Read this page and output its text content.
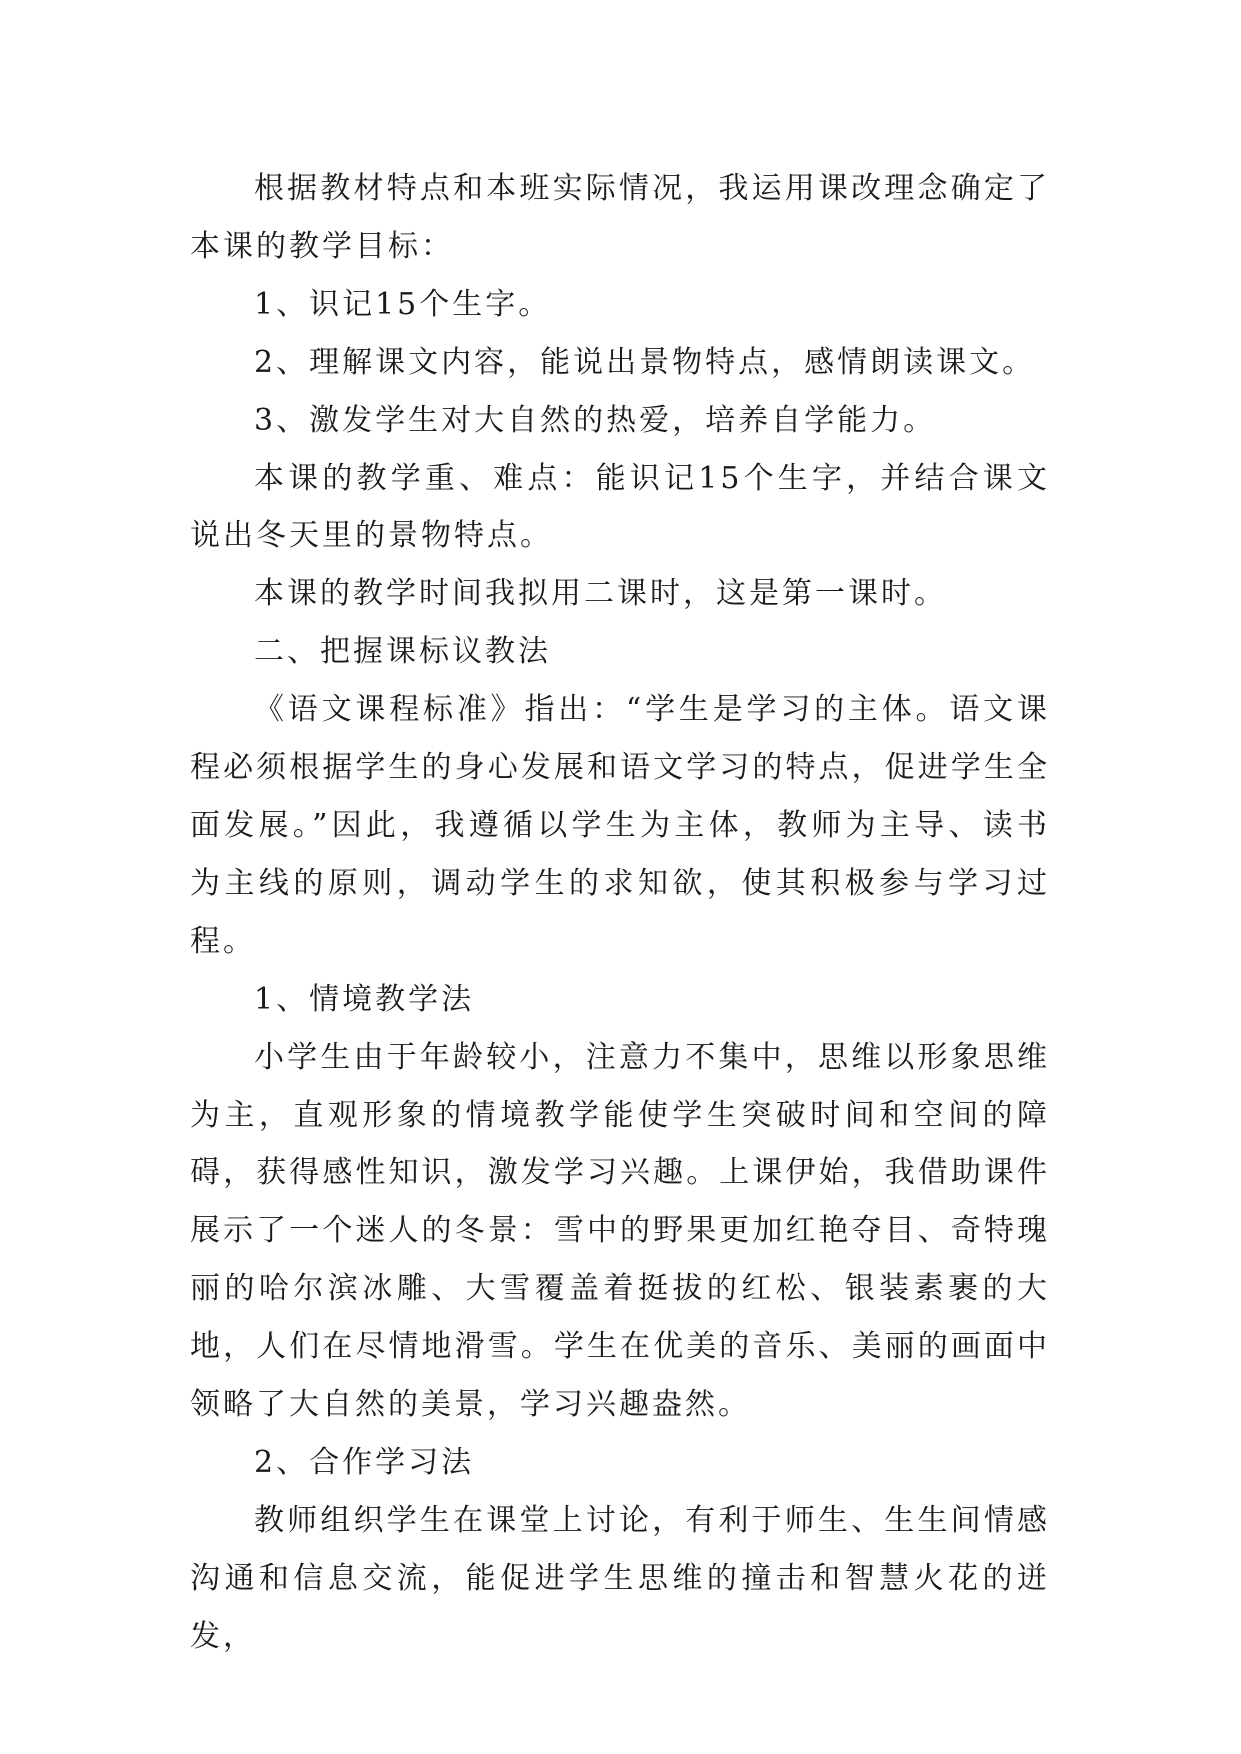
根据教材特点和本班实际情况，我运用课改理念确定了本课的教学目标：

1、识记15个生字。

2、理解课文内容，能说出景物特点，感情朗读课文。

3、激发学生对大自然的热爱，培养自学能力。

本课的教学重、难点：能识记15个生字，并结合课文说出冬天里的景物特点。

本课的教学时间我拟用二课时，这是第一课时。

二、把握课标议教法

《语文课程标准》指出：“学生是学习的主体。语文课程必须根据学生的身心发展和语文学习的特点，促进学生全面发展。”因此，我遵循以学生为主体，教师为主导、读书为主线的原则，调动学生的求知欲，使其积极参与学习过程。

1、情境教学法

小学生由于年龄较小，注意力不集中，思维以形象思维为主，直观形象的情境教学能使学生突破时间和空间的障碍，获得感性知识，激发学习兴趣。上课伊始，我借助课件展示了一个迷人的冬景：雪中的野果更加红艳夺目、奇特瑰丽的哈尔滨冰雕、大雪覆盖着挺拔的红松、银装素裹的大地，人们在尽情地滑雪。学生在优美的音乐、美丽的画面中领略了大自然的美景，学习兴趣盎然。

2、合作学习法

教师组织学生在课堂上讨论，有利于师生、生生间情感沟通和信息交流，能促进学生思维的撞击和智慧火花的迸发，
